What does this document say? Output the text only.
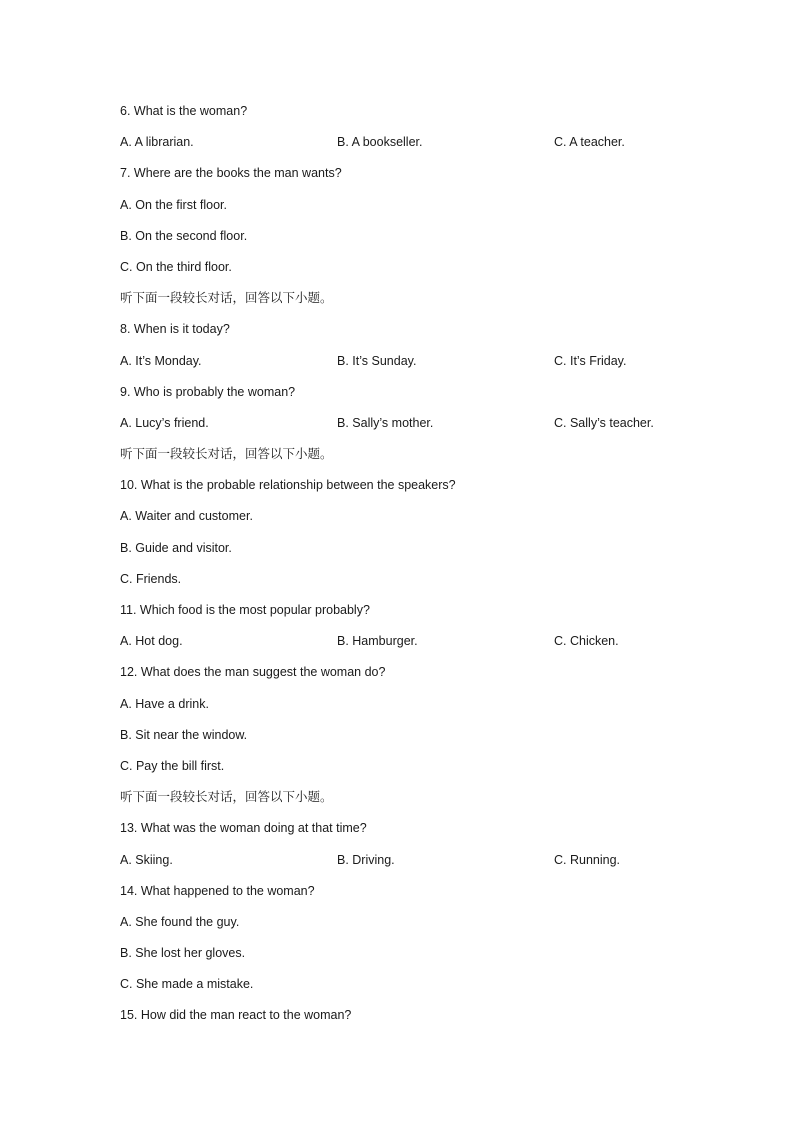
6. What is the woman?
A. A librarian.	B. A bookseller.	C. A teacher.
7. Where are the books the man wants?
A. On the first floor.
B. On the second floor.
C. On the third floor.
听下面一段较长对话，回答以下小题。
8. When is it today?
A. It’s Monday.	B. It’s Sunday.	C. It’s Friday.
9. Who is probably the woman?
A. Lucy’s friend.	B. Sally’s mother.	C. Sally’s teacher.
听下面一段较长对话，回答以下小题。
10. What is the probable relationship between the speakers?
A. Waiter and customer.
B. Guide and visitor.
C. Friends.
11. Which food is the most popular probably?
A. Hot dog.	B. Hamburger.	C. Chicken.
12. What does the man suggest the woman do?
A. Have a drink.
B. Sit near the window.
C. Pay the bill first.
听下面一段较长对话，回答以下小题。
13. What was the woman doing at that time?
A. Skiing.	B. Driving.	C. Running.
14. What happened to the woman?
A. She found the guy.
B. She lost her gloves.
C. She made a mistake.
15. How did the man react to the woman?
